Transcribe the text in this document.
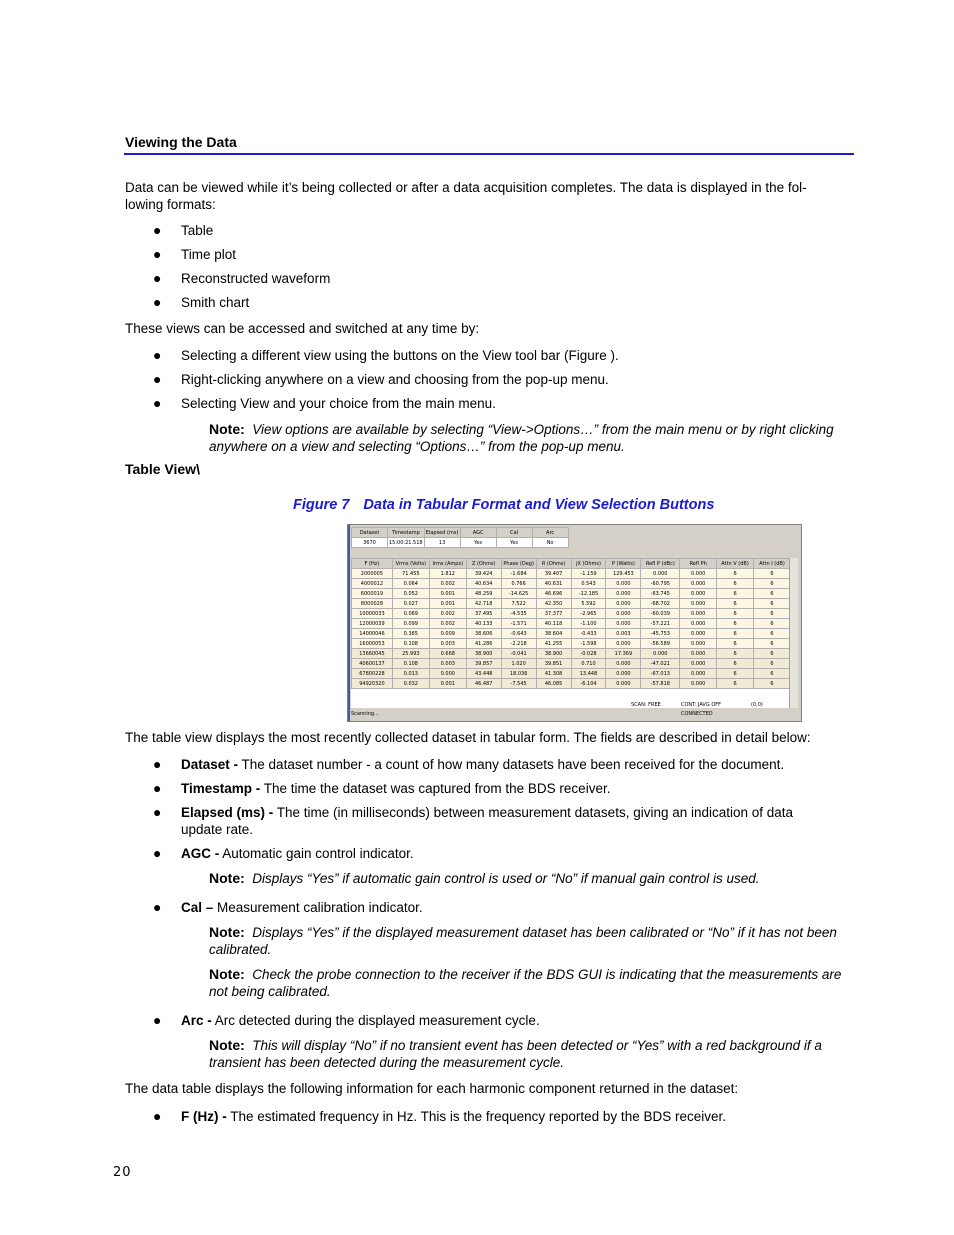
Viewing the Data
Data can be viewed while it’s being collected or after a data acquisition completes. The data is displayed in the fol-
lowing formats:
● Table
● Time plot
● Reconstructed waveform
● Smith chart
These views can be accessed and switched at any time by:
● Selecting a different view using the buttons on the View tool bar (Figure ).
● Right-clicking anywhere on a view and choosing from the pop-up menu.
● Selecting View and your choice from the main menu.
Note: View options are available by selecting “View->Options…” from the main menu or by right clicking anywhere on a view and selecting “Options…” from the pop-up menu.
Table View\
Figure 7 Data in Tabular Format and View Selection Buttons
Dataset	Timestamp	Elapsed (ms)	AGC	Cal	Arc
3670	15:00:21.518	13	Yes	Yes	No
F (Hz)	Vrms (Volts)	Irms (Amps)	Z (Ohms)	Phase (Deg)	R (Ohms)	jX (Ohms)	P (Watts)	Refl P (dBc)	Refl Ph	Attn V (dB)	Attn I (dB)
2000005	71.455	1.812	39.424	-1.684	39.407	-1.159	129.453	0.000	0.000	6	6
4000012	0.064	0.002	40.634	0.766	40.631	0.543	0.000	-60.795	0.000	6	6
6000019	0.052	0.001	48.259	-14.625	46.696	-12.185	0.000	-63.745	0.000	6	6
8000028	0.027	0.001	42.718	7.522	42.350	5.592	0.000	-68.702	0.000	6	6
10000033	0.069	0.002	37.495	-4.535	37.377	-2.965	0.000	-60.039	0.000	6	6
12000039	0.099	0.002	40.133	-1.571	40.118	-1.100	0.000	-57.221	0.000	6	6
14000046	0.365	0.009	38.606	-0.643	38.604	-0.433	0.003	-45.753	0.000	6	6
16000053	0.108	0.003	41.286	-2.218	41.255	-1.598	0.000	-56.589	0.000	6	6
13660045	25.993	0.668	38.900	-0.041	38.900	-0.028	17.369	0.000	0.000	6	6
40600137	0.108	0.003	39.857	1.020	39.851	0.710	0.000	-47.021	0.000	6	6
67800228	0.013	0.000	43.448	18.036	41.308	13.448	0.000	-67.013	0.000	6	6
94920320	0.032	0.001	46.487	-7.545	46.085	-6.104	0.000	-57.818	0.000	6	6
Scanning...
SCAN: FREE	CONT: JAVG OFF	(0,0)
CONNECTED
The table view displays the most recently collected dataset in tabular form. The fields are described in detail below:
● Dataset - The dataset number - a count of how many datasets have been received for the document.
● Timestamp - The time the dataset was captured from the BDS receiver.
● Elapsed (ms) - The time (in milliseconds) between measurement datasets, giving an indication of data update rate.
● AGC - Automatic gain control indicator.
Note: Displays “Yes” if automatic gain control is used or “No” if manual gain control is used.
● Cal – Measurement calibration indicator.
Note: Displays “Yes” if the displayed measurement dataset has been calibrated or “No” if it has not been calibrated.
Note: Check the probe connection to the receiver if the BDS GUI is indicating that the measurements are not being calibrated.
● Arc - Arc detected during the displayed measurement cycle.
Note: This will display “No” if no transient event has been detected or “Yes” with a red background if a transient has been detected during the measurement cycle.
The data table displays the following information for each harmonic component returned in the dataset:
● F (Hz) - The estimated frequency in Hz. This is the frequency reported by the BDS receiver.
20
